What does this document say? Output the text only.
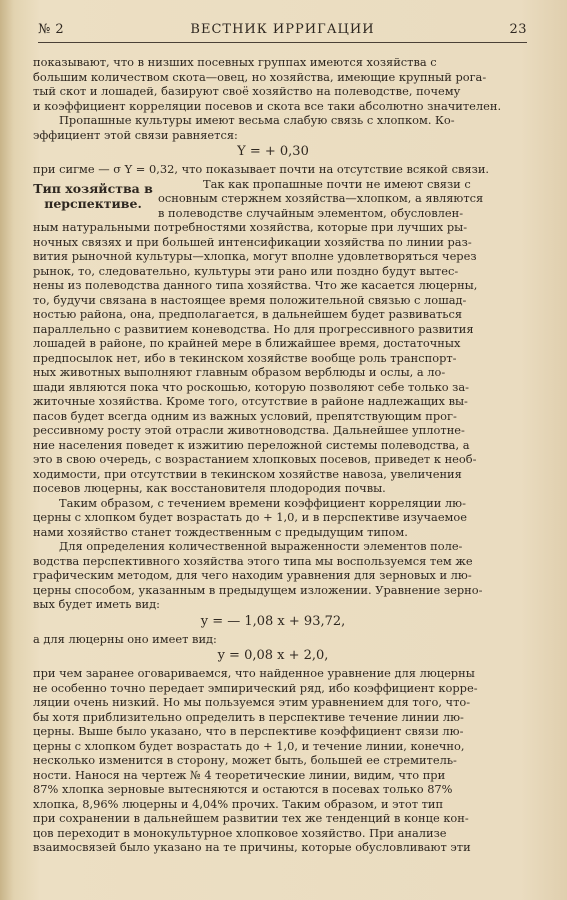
№ 2	ВЕСТНИК ИРРИГАЦИИ	23
показывают, что в низших посевных группах имеются хозяйства с
большим количеством скота—овец, но хозяйства, имеющие крупный рога-
тый скот и лошадей, базируют своё хозяйство на полеводстве, почему
и коэффициент корреляции посевов и скота все таки абсолютно значителен.
Пропашные культуры имеют весьма слабую связь с хлопком. Ко-
эффициент этой связи равняется:
Υ = + 0,30
при сигме — σ Υ = 0,32, что показывает почти на отсутствие всякой связи.
Тип хозяйства в перспективе.
Так как пропашные почти не имеют связи с
основным стержнем хозяйства—хлопком, а являются
в полеводстве случайным элементом, обусловлен-
ным натуральными потребностями хозяйства, которые при лучших ры-
ночных связях и при большей интенсификации хозяйства по линии раз-
вития рыночной культуры—хлопка, могут вполне удовлетворяться через
рынок, то, следовательно, культуры эти рано или поздно будут вытес-
нены из полеводства данного типа хозяйства. Что же касается люцерны,
то, будучи связана в настоящее время положительной связью с лошад-
ностью района, она, предполагается, в дальнейшем будет развиваться
параллельно с развитием коневодства. Но для прогрессивного развития
лошадей в районе, по крайней мере в ближайшее время, достаточных
предпосылок нет, ибо в текинском хозяйстве вообще роль транспорт-
ных животных выполняют главным образом верблюды и ослы, а ло-
шади являются пока что роскошью, которую позволяют себе только за-
житочные хозяйства. Кроме того, отсутствие в районе надлежащих вы-
пасов будет всегда одним из важных условий, препятствующим прог-
рессивному росту этой отрасли животноводства. Дальнейшее уплотне-
ние населения поведет к изжитию переложной системы полеводства, а
это в свою очередь, с возрастанием хлопковых посевов, приведет к необ-
ходимости, при отсутствии в текинском хозяйстве навоза, увеличения
посевов люцерны, как восстановителя плодородия почвы.
Таким образом, с течением времени коэффициент корреляции лю-
церны с хлопком будет возрастать до + 1,0, и в перспективе изучаемое
нами хозяйство станет тождественным с предыдущим типом.
Для определения количественной выраженности элементов поле-
водства перспективного хозяйства этого типа мы воспользуемся тем же
графическим методом, для чего находим уравнения для зерновых и лю-
церны способом, указанным в предыдущем изложении. Уравнение зерно-
вых будет иметь вид:
y = — 1,08 x + 93,72,
а для люцерны оно имеет вид:
y = 0,08 x + 2,0,
при чем заранее оговариваемся, что найденное уравнение для люцерны
не особенно точно передает эмпирический ряд, ибо коэффициент корре-
ляции очень низкий. Но мы пользуемся этим уравнением для того, что-
бы хотя приблизительно определить в перспективе течение линии лю-
церны. Выше было указано, что в перспективе коэффициент связи лю-
церны с хлопком будет возрастать до + 1,0, и течение линии, конечно,
несколько изменится в сторону, может быть, большей ее стремитель-
ности. Нанося на чертеж № 4 теоретические линии, видим, что при
87% хлопка зерновые вытесняются и остаются в посевах только 87%
хлопка, 8,96% люцерны и 4,04% прочих. Таким образом, и этот тип
при сохранении в дальнейшем развитии тех же тенденций в конце кон-
цов переходит в монокультурное хлопковое хозяйство. При анализе
взаимосвязей было указано на те причины, которые обусловливают эти
